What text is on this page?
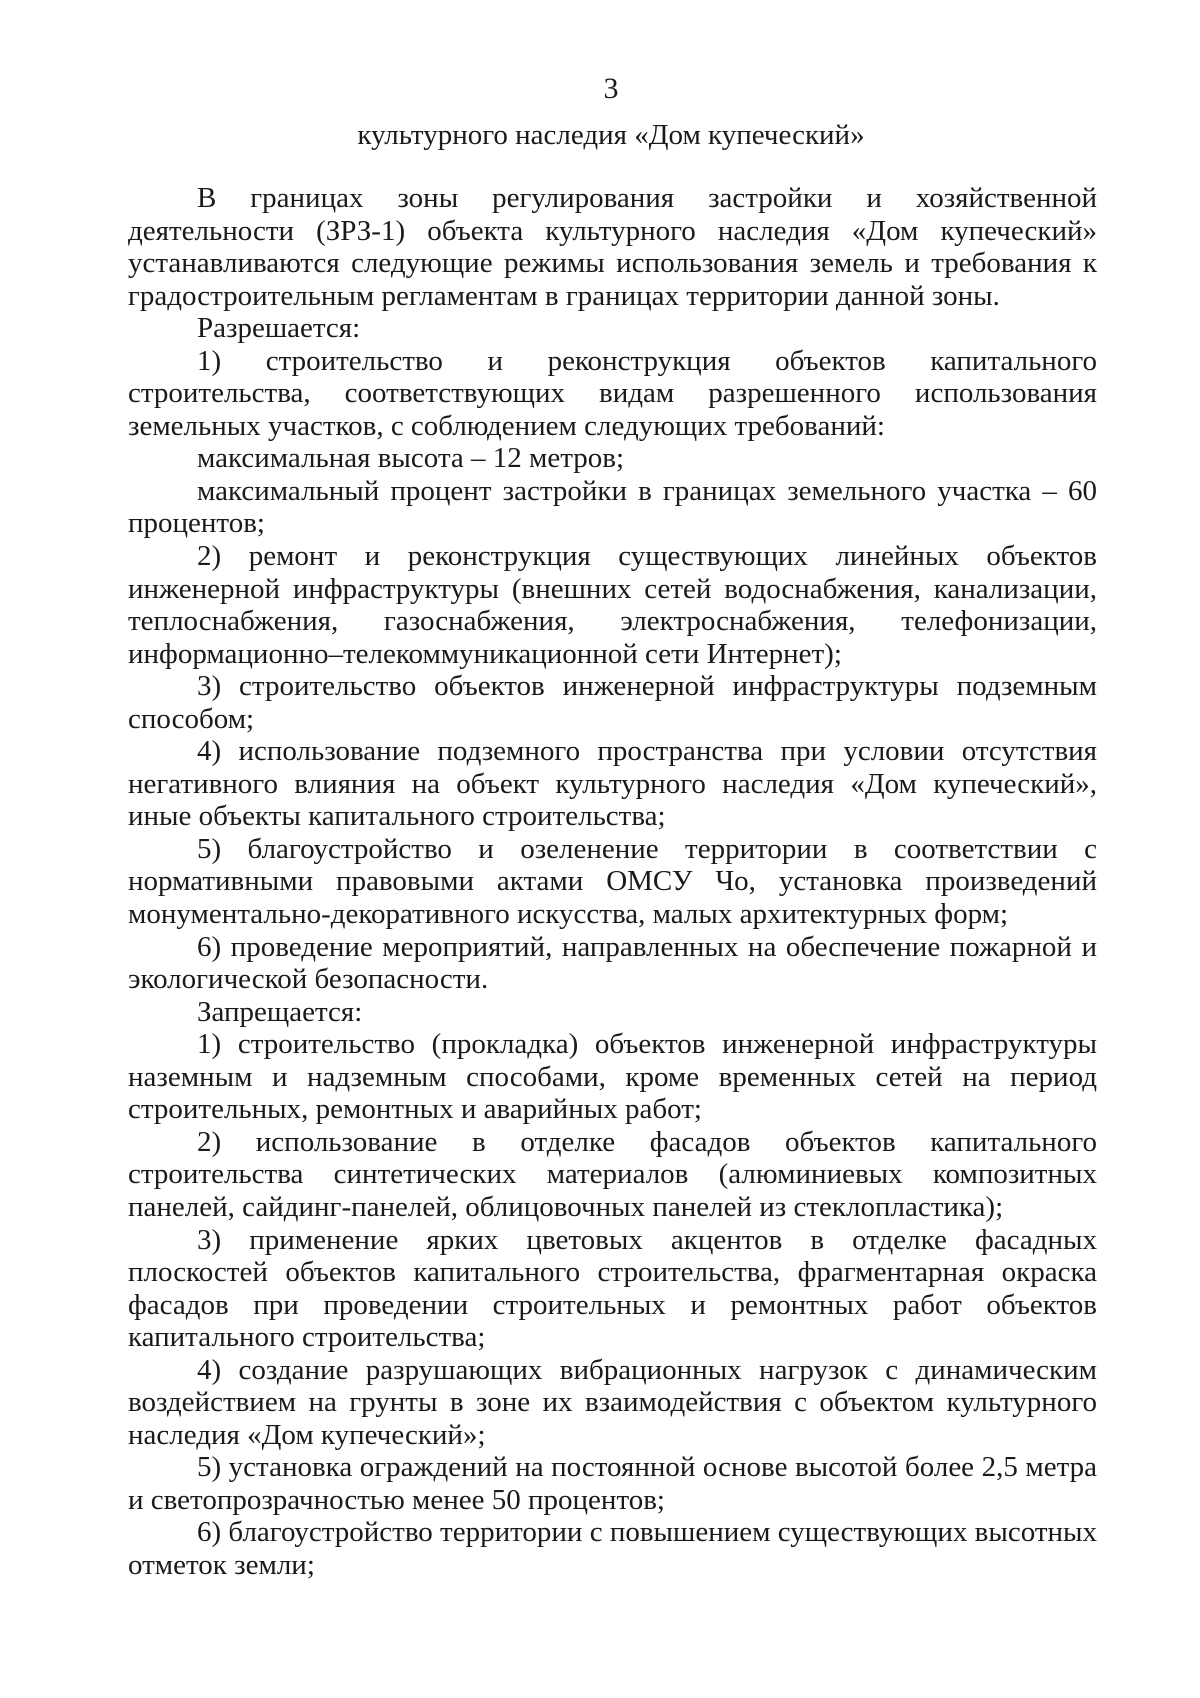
3
культурного наследия «Дом купеческий»

В границах зоны регулирования застройки и хозяйственной деятельности (ЗРЗ-1) объекта культурного наследия «Дом купеческий» устанавливаются следующие режимы использования земель и требования к градостроительным регламентам в границах территории данной зоны.

Разрешается:

1) строительство и реконструкция объектов капитального строительства, соответствующих видам разрешенного использования земельных участков, с соблюдением следующих требований:

максимальная высота – 12 метров;

максимальный процент застройки в границах земельного участка – 60 процентов;

2) ремонт и реконструкция существующих линейных объектов инженерной инфраструктуры (внешних сетей водоснабжения, канализации, теплоснабжения, газоснабжения, электроснабжения, телефонизации, информационно–телекоммуникационной сети Интернет);

3) строительство объектов инженерной инфраструктуры подземным способом;

4) использование подземного пространства при условии отсутствия негативного влияния на объект культурного наследия «Дом купеческий», иные объекты капитального строительства;

5) благоустройство и озеленение территории в соответствии с нормативными правовыми актами ОМСУ Чо, установка произведений монументально-декоративного искусства, малых архитектурных форм;

6) проведение мероприятий, направленных на обеспечение пожарной и экологической безопасности.

Запрещается:

1) строительство (прокладка) объектов инженерной инфраструктуры наземным и надземным способами, кроме временных сетей на период строительных, ремонтных и аварийных работ;

2) использование в отделке фасадов объектов капитального строительства синтетических материалов (алюминиевых композитных панелей, сайдинг-панелей, облицовочных панелей из стеклопластика);

3) применение ярких цветовых акцентов в отделке фасадных плоскостей объектов капитального строительства, фрагментарная окраска фасадов при проведении строительных и ремонтных работ объектов капитального строительства;

4) создание разрушающих вибрационных нагрузок с динамическим воздействием на грунты в зоне их взаимодействия с объектом культурного наследия «Дом купеческий»;

5) установка ограждений на постоянной основе высотой более 2,5 метра и светопрозрачностью менее 50 процентов;

6) благоустройство территории с повышением существующих высотных отметок земли;
